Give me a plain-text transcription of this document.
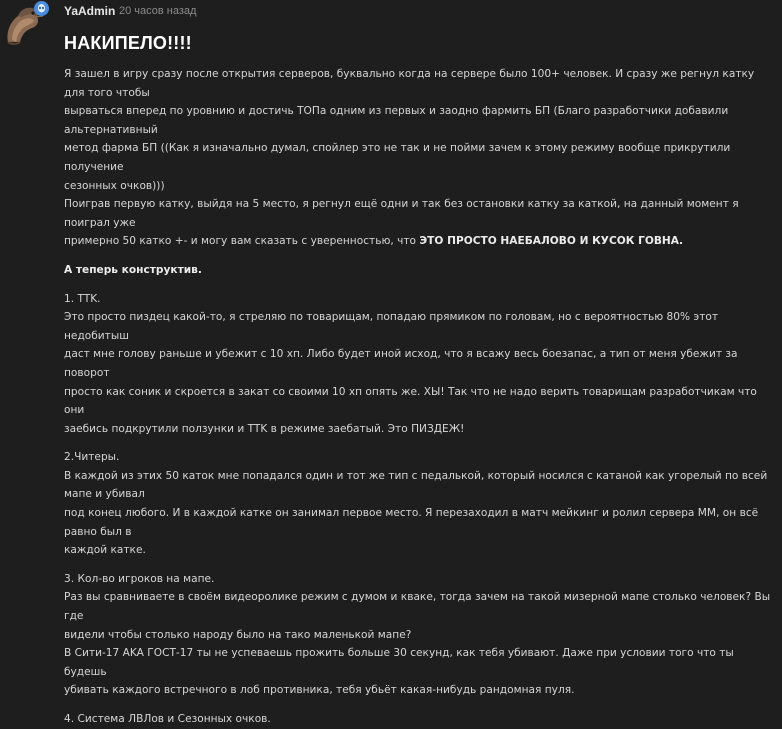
YaAdmin 20 часов назад
НАКИПЕЛО!!!!

Я зашел в игру сразу после открытия серверов, буквально когда на сервере было 100+ человек. И сразу же регнул катку для того чтобы

вырваться вперед по уровнию и достичь ТОПа одним из первых и заодно фармить БП (Благо разработчики добавили альтернативный

метод фарма БП ((Как я изначально думал, спойлер это не так и не пойми зачем к этому режиму вообще прикрутили получение

сезонных очков)))

Поиграв первую катку, выйдя на 5 место, я регнул ещё одни и так без остановки катку за каткой, на данный момент я поиграл уже

примерно 50 катко +- и могу вам сказать с уверенностью, что ЭТО ПРОСТО НАЕБАЛОВО И КУСОК ГОВНА.

А теперь конструктив.

1. TTK.

Это просто пиздец какой-то, я стреляю по товарищам, попадаю прямиком по головам, но с вероятностью 80% этот недобитыш

даст мне голову раньше и убежит с 10 хп. Либо будет иной исход, что я всажу весь боезапас, а тип от меня убежит за поворот

просто как соник и скроется в закат со своими 10 хп опять же. ХЫ! Так что не надо верить товарищам разработчикам что они

заебись подкрутили ползунки и TTK в режиме заебатый. Это ПИЗДЕЖ!

2.Читеры.

В каждой из этих 50 каток мне попадался один и тот же тип с педалькой, который носился с катаной как угорелый по всей мапе и убивал

под конец любого. И в каждой катке он занимал первое место. Я перезаходил в матч мейкинг и ролил сервера ММ, он всё равно был в

каждой катке.

3. Кол-во игроков на мапе.

Раз вы сравниваете в своём видеоролике режим с думом и кваке, тогда зачем на такой мизерной мапе столько человек? Вы где

видели чтобы столько народу было на тако маленькой мапе?

В Сити-17 AKA ГОСТ-17 ты не успеваешь прожить больше 30 секунд, как тебя убивают. Даже при условии того что ты будешь

убивать каждого встречного в лоб противника, тебя убьёт какая-нибудь рандомная пуля.

4. Система ЛВЛов и Сезонных очков.
